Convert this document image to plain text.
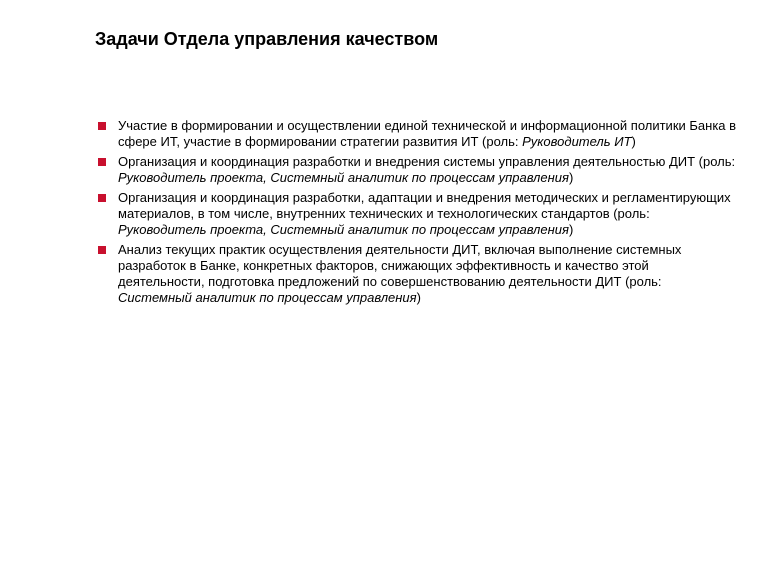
Задачи Отдела управления качеством
Участие в формировании и осуществлении единой технической и информационной политики Банка в сфере ИТ, участие в формировании стратегии развития ИТ (роль: Руководитель ИТ)
Организация и координация разработки и внедрения системы управления деятельностью ДИТ (роль: Руководитель проекта, Системный аналитик по процессам управления)
Организация и координация разработки, адаптации и внедрения методических и регламентирующих материалов, в том числе, внутренних технических и технологических стандартов (роль: Руководитель проекта, Системный аналитик по процессам управления)
Анализ текущих практик осуществления деятельности ДИТ, включая выполнение системных разработок в Банке, конкретных факторов, снижающих эффективность и качество этой деятельности, подготовка предложений по совершенствованию деятельности ДИТ (роль: Системный аналитик по процессам управления)
